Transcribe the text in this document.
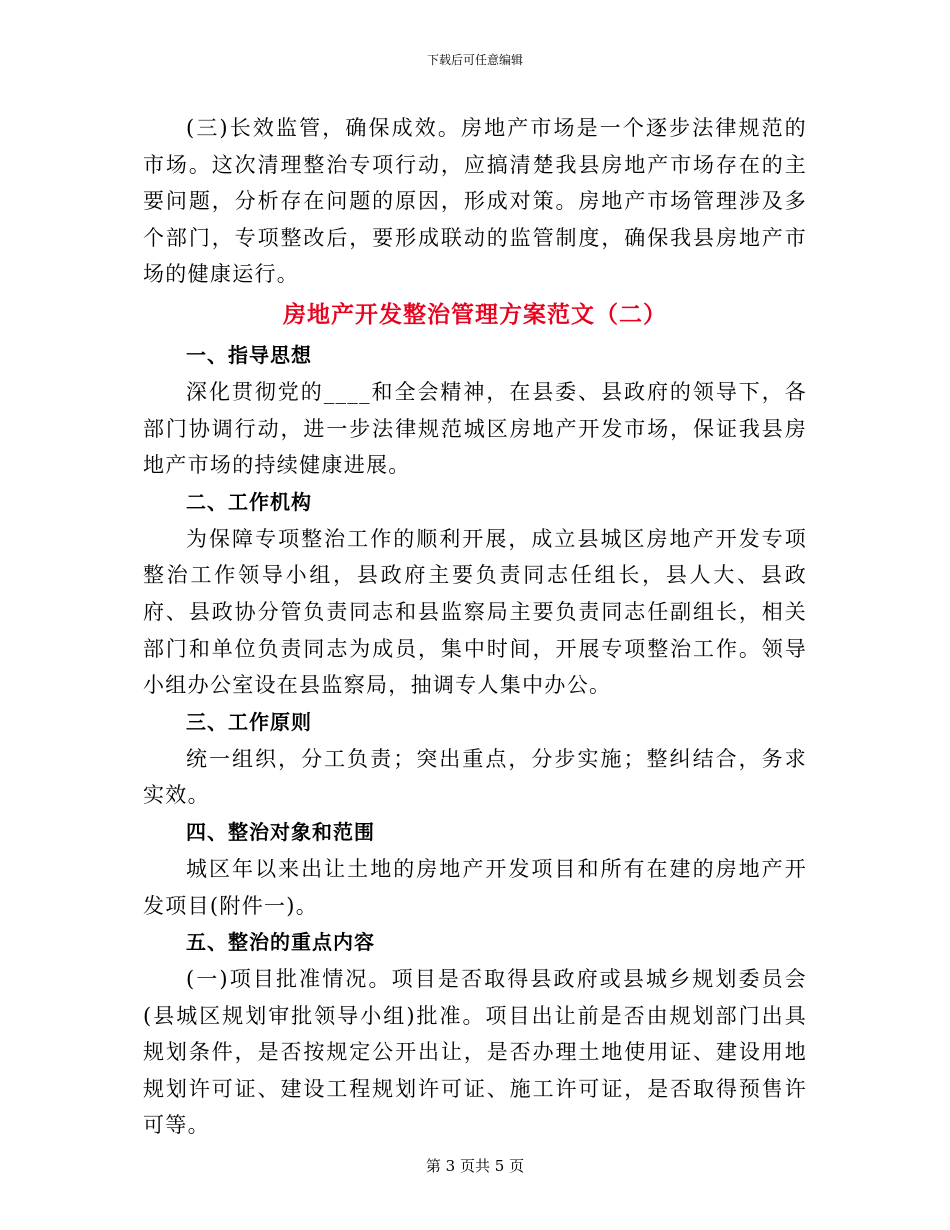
下载后可任意编辑

(三)长效监管，确保成效。房地产市场是一个逐步法律规范的市场。这次清理整治专项行动，应搞清楚我县房地产市场存在的主要问题，分析存在问题的原因，形成对策。房地产市场管理涉及多个部门，专项整改后，要形成联动的监管制度，确保我县房地产市场的健康运行。

房地产开发整治管理方案范文（二）
一、指导思想

深化贯彻党的____和全会精神，在县委、县政府的领导下，各部门协调行动，进一步法律规范城区房地产开发市场，保证我县房地产市场的持续健康进展。

二、工作机构

为保障专项整治工作的顺利开展，成立县城区房地产开发专项整治工作领导小组，县政府主要负责同志任组长，县人大、县政府、县政协分管负责同志和县监察局主要负责同志任副组长，相关部门和单位负责同志为成员，集中时间，开展专项整治工作。领导小组办公室设在县监察局，抽调专人集中办公。

三、工作原则

统一组织，分工负责；突出重点，分步实施；整纠结合，务求实效。

四、整治对象和范围

城区年以来出让土地的房地产开发项目和所有在建的房地产开发项目(附件一)。

五、整治的重点内容

(一)项目批准情况。项目是否取得县政府或县城乡规划委员会(县城区规划审批领导小组)批准。项目出让前是否由规划部门出具规划条件，是否按规定公开出让，是否办理土地使用证、建设用地规划许可证、建设工程规划许可证、施工许可证，是否取得预售许可等。

第 3 页共 5 页
